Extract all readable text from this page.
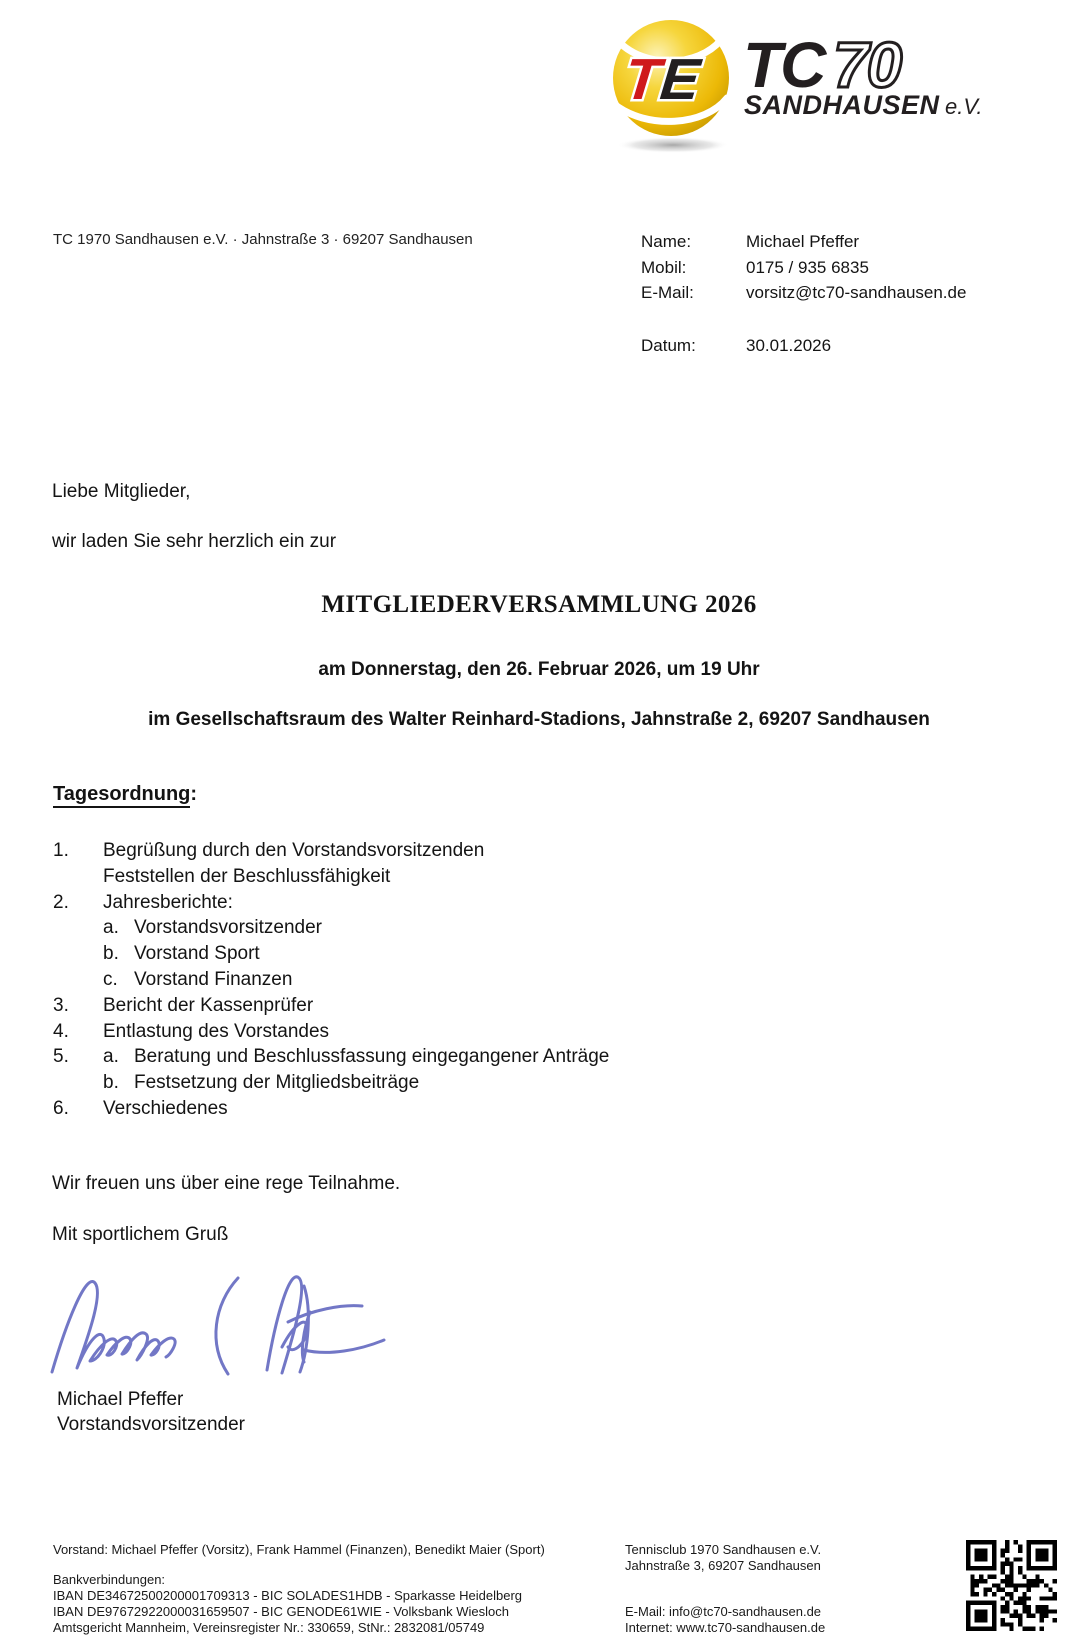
T
E TC 70
SANDHAUSEN e.V.
TC 1970 Sandhausen e.V. · Jahnstraße 3 · 69207 Sandhausen	Name:	Michael Pfeffer
Mobil:	0175 / 935 6835
E-Mail:	vorsitz@tc70-sandhausen.de
Datum:	30.01.2026
Liebe Mitglieder,
wir laden Sie sehr herzlich ein zur
MITGLIEDERVERSAMMLUNG 2026
am Donnerstag, den 26. Februar 2026, um 19 Uhr
im Gesellschaftsraum des Walter Reinhard-Stadions, Jahnstraße 2, 69207 Sandhausen
Tagesordnung:
1.	Begrüßung durch den Vorstandsvorsitzenden
Feststellen der Beschlussfähigkeit
2.	Jahresberichte:
a. Vorstandsvorsitzender
b. Vorstand Sport
c. Vorstand Finanzen
3.	Bericht der Kassenprüfer
4.	Entlastung des Vorstandes
5.	a. Beratung und Beschlussfassung eingegangener Anträge
b. Festsetzung der Mitgliedsbeiträge
6.	Verschiedenes
Wir freuen uns über eine rege Teilnahme.
Mit sportlichem Gruß
Michael Pfeffer
Vorstandsvorsitzender
Vorstand: Michael Pfeffer (Vorsitz), Frank Hammel (Finanzen), Benedikt Maier (Sport)
Bankverbindungen:
IBAN DE34672500200001709313 - BIC SOLADES1HDB - Sparkasse Heidelberg
IBAN DE97672922000031659507 - BIC GENODE61WIE - Volksbank Wiesloch
Amtsgericht Mannheim, Vereinsregister Nr.: 330659, StNr.: 2832081/05749
Tennisclub 1970 Sandhausen e.V.
Jahnstraße 3, 69207 Sandhausen
E-Mail: info@tc70-sandhausen.de
Internet: www.tc70-sandhausen.de
